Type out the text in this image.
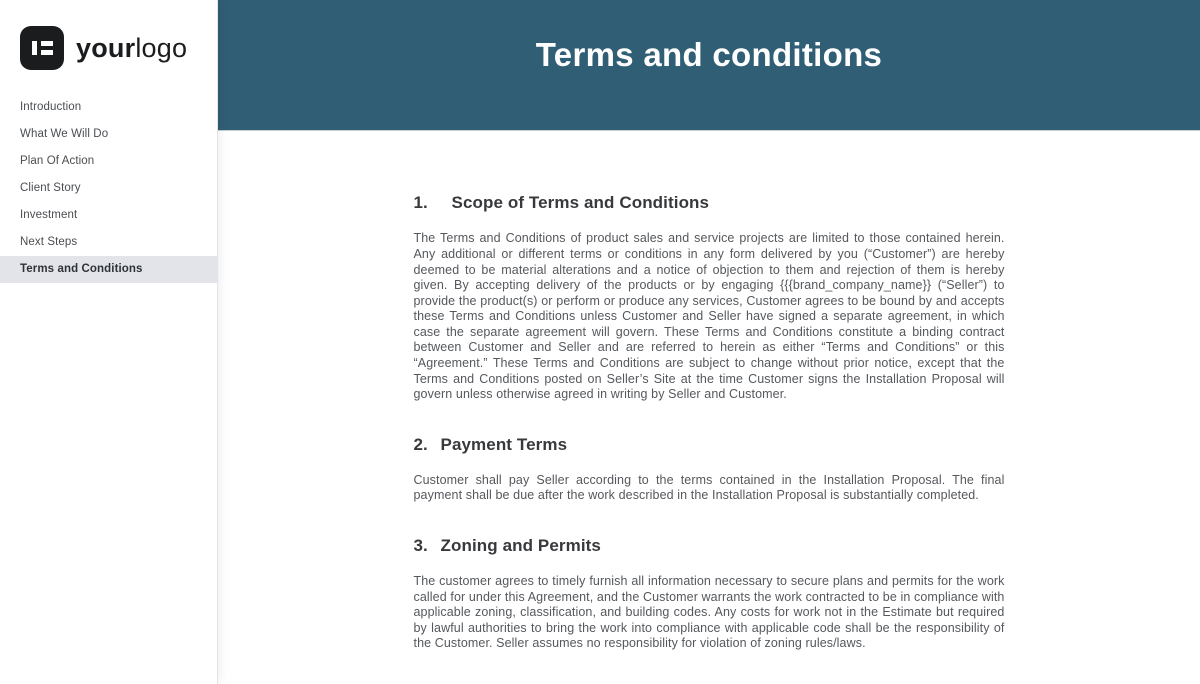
yourlogo
Introduction
What We Will Do
Plan Of Action
Client Story
Investment
Next Steps
Terms and Conditions
Terms and conditions
1.	Scope of Terms and Conditions

The Terms and Conditions of product sales and service projects are limited to those contained herein. Any additional or different terms or conditions in any form delivered by you (“Customer”) are hereby deemed to be material alterations and a notice of objection to them and rejection of them is hereby given. By accepting delivery of the products or by engaging {{{brand_company_name}} (“Seller”) to provide the product(s) or perform or produce any services, Customer agrees to be bound by and accepts these Terms and Conditions unless Customer and Seller have signed a separate agreement, in which case the separate agreement will govern. These Terms and Conditions constitute a binding contract between Customer and Seller and are referred to herein as either “Terms and Conditions” or this “Agreement.” These Terms and Conditions are subject to change without prior notice, except that the Terms and Conditions posted on Seller’s Site at the time Customer signs the Installation Proposal will govern unless otherwise agreed in writing by Seller and Customer.

2. Payment Terms

Customer shall pay Seller according to the terms contained in the Installation Proposal. The final payment shall be due after the work described in the Installation Proposal is substantially completed.

3. Zoning and Permits

The customer agrees to timely furnish all information necessary to secure plans and permits for the work called for under this Agreement, and the Customer warrants the work contracted to be in compliance with applicable zoning, classification, and building codes. Any costs for work not in the Estimate but required by lawful authorities to bring the work into compliance with applicable code shall be the responsibility of the Customer. Seller assumes no responsibility for violation of zoning rules/laws.
